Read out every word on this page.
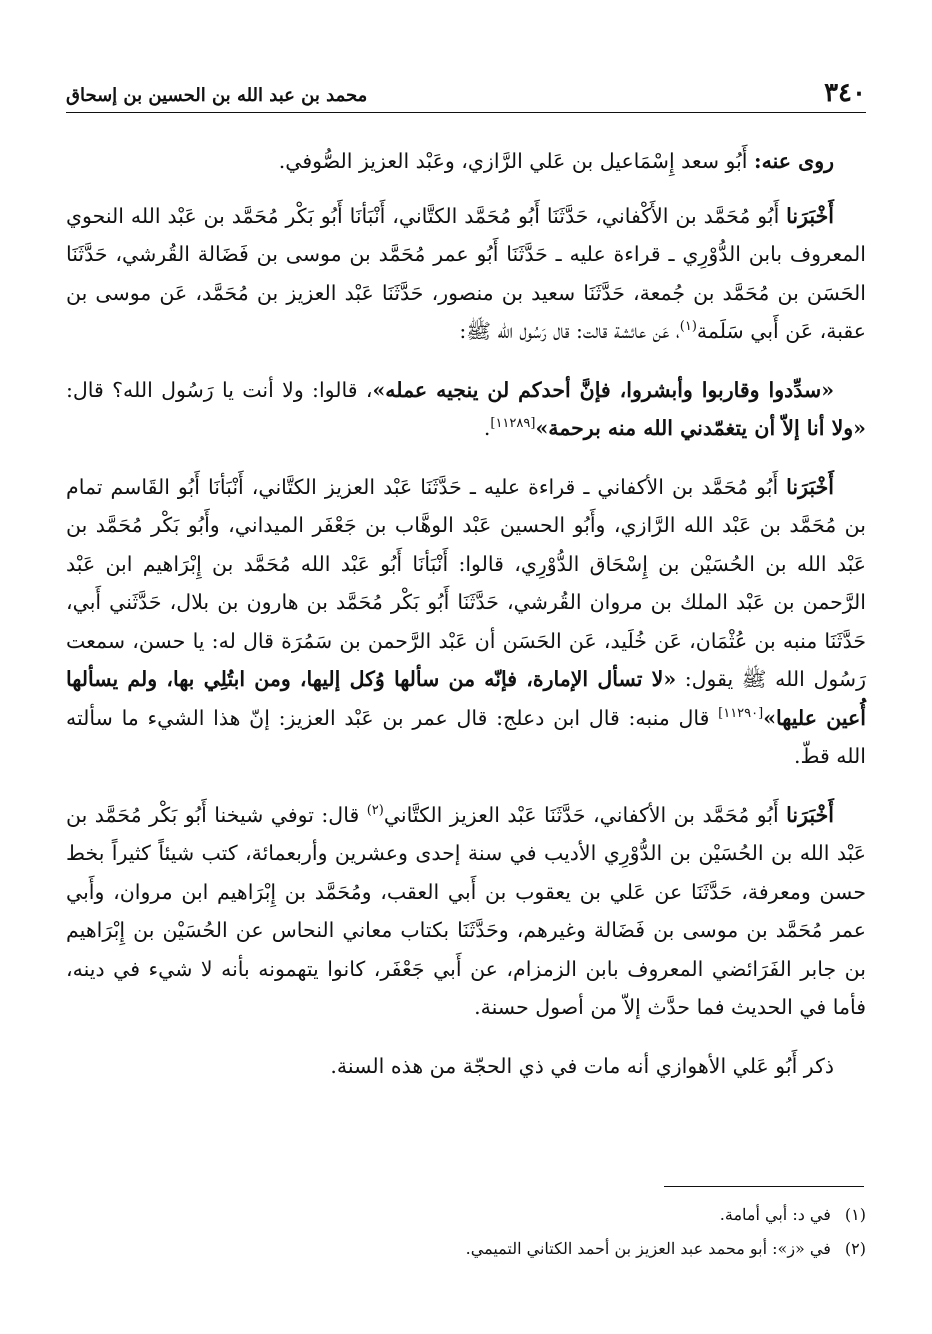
٣٤٠
محمد بن عبد الله بن الحسين بن إسحاق

روى عنه: أَبُو سعد إِسْمَاعيل بن عَلي الرَّازي، وعَبْد العزيز الصُّوفي.

أَخْبَرَنا أَبُو مُحَمَّد بن الأَكْفاني، حَدَّثَنَا أَبُو مُحَمَّد الكتَّاني، أَنْبَأنَا أَبُو بَكْر مُحَمَّد بن عَبْد الله النحوي المعروف بابن الدُّوْرِي ـ قراءة عليه ـ حَدَّثَنَا أَبُو عمر مُحَمَّد بن موسى بن فَضَالة القُرشي، حَدَّثَنَا الحَسَن بن مُحَمَّد بن جُمعة، حَدَّثَنَا سعيد بن منصور، حَدَّثَنَا عَبْد العزيز بن مُحَمَّد، عَن موسى بن عقبة، عَن أَبي سَلَمة$^{(١)}$، عَن عائشة قالت: قال رَسُول الله ﷺ:

«سدِّدوا وقاربوا وأبشروا، فإنَّ أحدكم لن ينجيه عمله»، قالوا: ولا أنت يا رَسُول الله؟ قال: «ولا أنا إلاّ أن يتغمّدني الله منه برحمة»[١١٢٨٩].

أَخْبَرَنا أَبُو مُحَمَّد بن الأكفاني ـ قراءة عليه ـ حَدَّثَنَا عَبْد العزيز الكتَّاني، أَنْبَأنَا أَبُو القَاسم تمام بن مُحَمَّد بن عَبْد الله الرَّازي، وأَبُو الحسين عَبْد الوهَّاب بن جَعْفَر الميداني، وأَبُو بَكْر مُحَمَّد بن عَبْد الله بن الحُسَيْن بن إِسْحَاق الدُّوْرِي، قالوا: أَنْبَأنَا أَبُو عَبْد الله مُحَمَّد بن إِبْرَاهيم ابن عَبْد الرَّحمن بن عَبْد الملك بن مروان القُرشي، حَدَّثَنَا أَبُو بَكْر مُحَمَّد بن هارون بن بلال، حَدَّثَني أَبي، حَدَّثَنَا منبه بن عُثْمَان، عَن خُلَيد، عَن الحَسَن أن عَبْد الرَّحمن بن سَمُرَة قال له: يا حسن، سمعت رَسُول الله ﷺ يقول: «لا تسأل الإمارة، فإنّه من سألها وُكل إليها، ومن ابتُلِي بها، ولم يسألها أُعين عليها»[١١٢٩٠] قال منبه: قال ابن دعلج: قال عمر بن عَبْد العزيز: إنّ هذا الشيء ما سألته الله قطّ.

أَخْبَرَنا أَبُو مُحَمَّد بن الأكفاني، حَدَّثَنَا عَبْد العزيز الكتَّاني$^{(٢)}$ قال: توفي شيخنا أَبُو بَكْر مُحَمَّد بن عَبْد الله بن الحُسَيْن بن الدُّوْرِي الأديب في سنة إحدى وعشرين وأربعمائة، كتب شيئاً كثيراً بخط حسن ومعرفة، حَدَّثَنَا عن عَلي بن يعقوب بن أَبي العقب، ومُحَمَّد بن إِبْرَاهيم ابن مروان، وأَبي عمر مُحَمَّد بن موسى بن فَضَالة وغيرهم، وحَدَّثَنَا بكتاب معاني النحاس عن الحُسَيْن بن إِبْرَاهيم بن جابر الفَرَائضي المعروف بابن الزمزام، عن أَبي جَعْفَر، كانوا يتهمونه بأنه لا شيء في دينه، فأما في الحديث فما حدَّث إلاّ من أصول حسنة.

ذكر أَبُو عَلي الأهوازي أنه مات في ذي الحجّة من هذه السنة.

(١)في د: أبي أمامة.
(٢)في «ز»: أبو محمد عبد العزيز بن أحمد الكتاني التميمي.
